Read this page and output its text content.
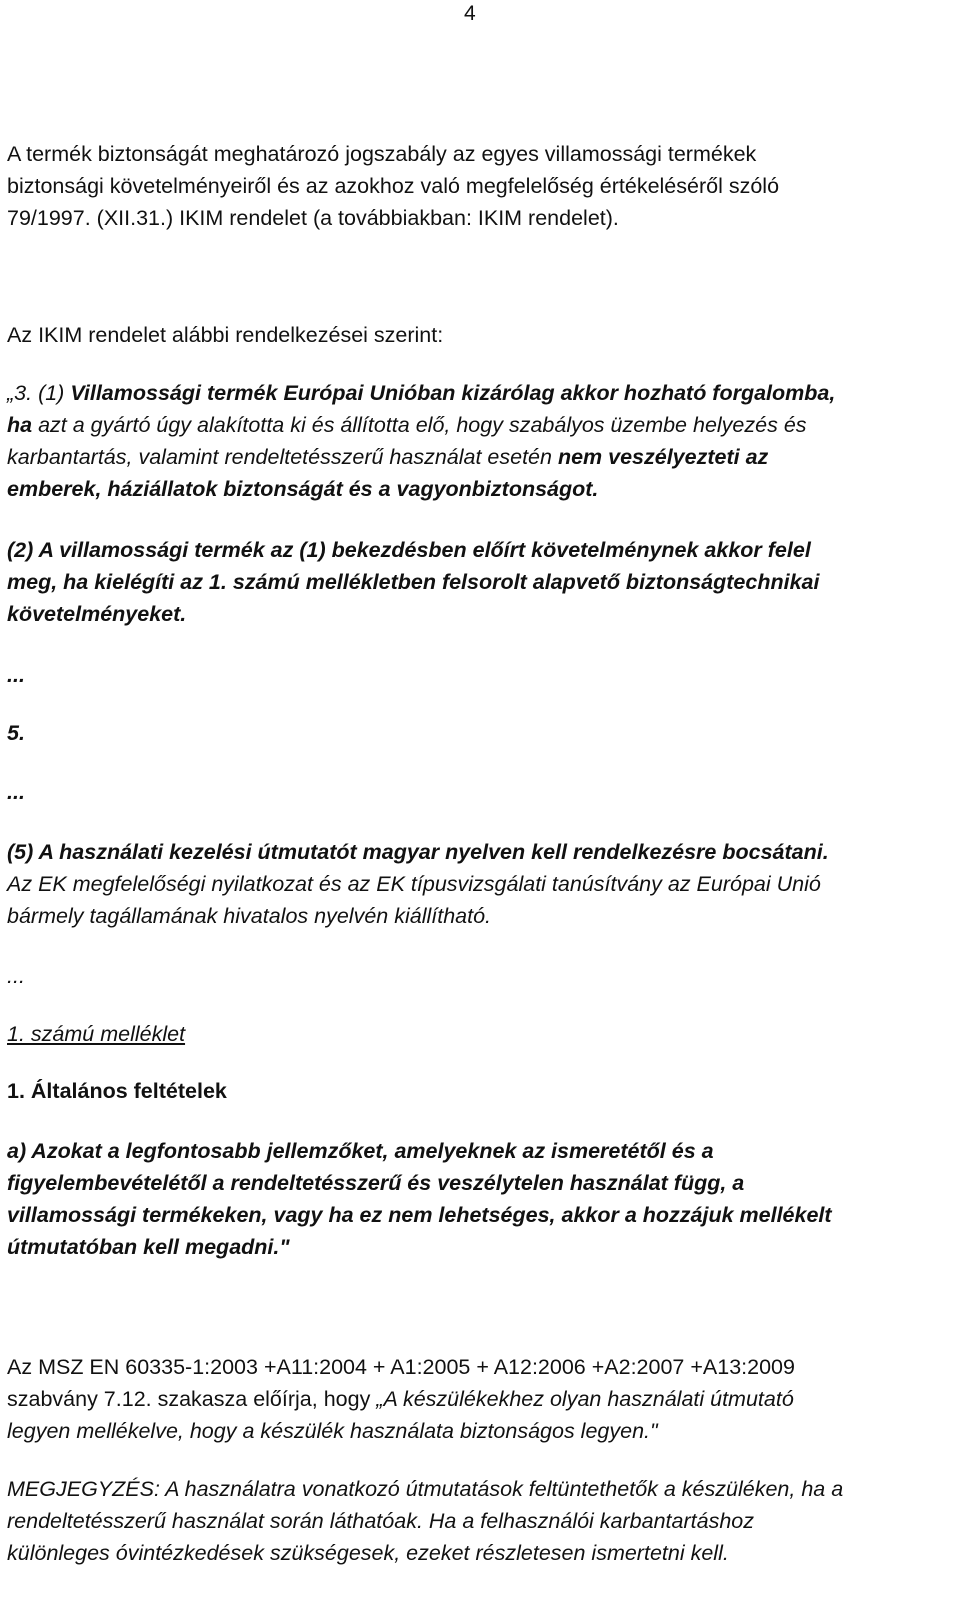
4
A termék biztonságát meghatározó jogszabály az egyes villamossági termékek
biztonsági követelményeiről és az azokhoz való megfelelőség értékeléséről szóló
79/1997. (XII.31.) IKIM rendelet (a továbbiakban: IKIM rendelet).
Az IKIM rendelet alábbi rendelkezései szerint:
„3. (1) Villamossági termék Európai Unióban kizárólag akkor hozható forgalomba,
ha azt a gyártó úgy alakította ki és állította elő, hogy szabályos üzembe helyezés és
karbantartás, valamint rendeltetésszerű használat esetén nem veszélyezteti az
emberek, háziállatok biztonságát és a vagyonbiztonságot.
(2) A villamossági termék az (1) bekezdésben előírt követelménynek akkor felel
meg, ha kielégíti az 1. számú mellékletben felsorolt alapvető biztonságtechnikai
követelményeket.
...
5.
...
(5) A használati kezelési útmutatót magyar nyelven kell rendelkezésre bocsátani.
Az EK megfelelőségi nyilatkozat és az EK típusvizsgálati tanúsítvány az Európai Unió
bármely tagállamának hivatalos nyelvén kiállítható.
...
1. számú melléklet
1. Általános feltételek
a) Azokat a legfontosabb jellemzőket, amelyeknek az ismeretétől és a
figyelembevételétől a rendeltetésszerű és veszélytelen használat függ, a
villamossági termékeken, vagy ha ez nem lehetséges, akkor a hozzájuk mellékelt
útmutatóban kell megadni."
Az MSZ EN 60335-1:2003 +A11:2004 + A1:2005 + A12:2006 +A2:2007 +A13:2009
szabvány 7.12. szakasza előírja, hogy „A készülékekhez olyan használati útmutató
legyen mellékelve, hogy a készülék használata biztonságos legyen."
MEGJEGYZÉS: A használatra vonatkozó útmutatások feltüntethetők a készüléken, ha a
rendeltetésszerű használat során láthatóak. Ha a felhasználói karbantartáshoz
különleges óvintézkedések szükségesek, ezeket részletesen ismertetni kell.
